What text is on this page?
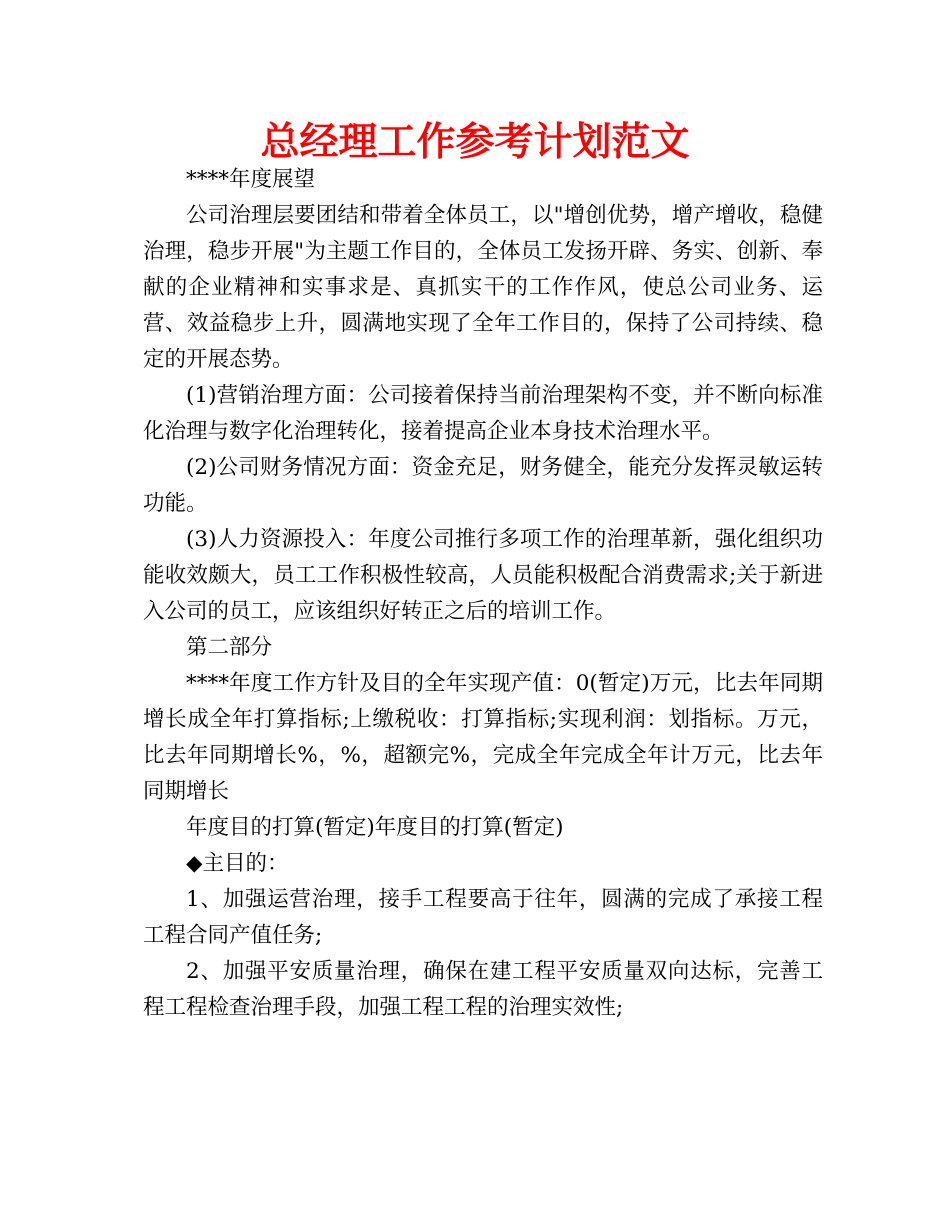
总经理工作参考计划范文

****年度展望

公司治理层要团结和带着全体员工，以"增创优势，增产增收，稳健治理，稳步开展"为主题工作目的，全体员工发扬开辟、务实、创新、奉献的企业精神和实事求是、真抓实干的工作作风，使总公司业务、运营、效益稳步上升，圆满地实现了全年工作目的，保持了公司持续、稳定的开展态势。

(1)营销治理方面：公司接着保持当前治理架构不变，并不断向标准化治理与数字化治理转化，接着提高企业本身技术治理水平。

(2)公司财务情况方面：资金充足，财务健全，能充分发挥灵敏运转功能。

(3)人力资源投入：年度公司推行多项工作的治理革新，强化组织功能收效颇大，员工工作积极性较高，人员能积极配合消费需求;关于新进入公司的员工，应该组织好转正之后的培训工作。

第二部分

****年度工作方针及目的全年实现产值：0(暂定)万元，比去年同期增长成全年打算指标;上缴税收：打算指标;实现利润：划指标。万元，比去年同期增长%，%，超额完%，完成全年完成全年计万元，比去年同期增长

年度目的打算(暂定)年度目的打算(暂定)

◆主目的：

1、加强运营治理，接手工程要高于往年，圆满的完成了承接工程工程合同产值任务;

2、加强平安质量治理，确保在建工程平安质量双向达标，完善工程工程检查治理手段，加强工程工程的治理实效性;
